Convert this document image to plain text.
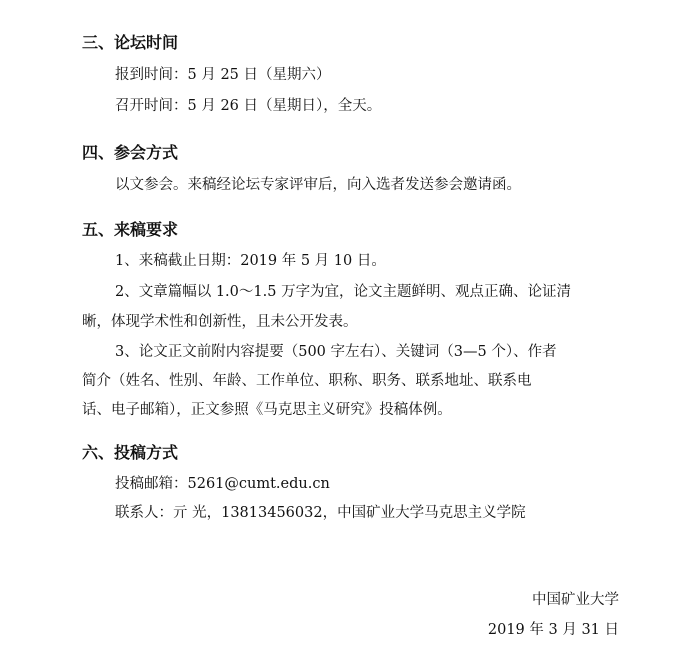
三、论坛时间
报到时间：5 月 25 日（星期六）
召开时间：5 月 26 日（星期日），全天。
四、参会方式
以文参会。来稿经论坛专家评审后，向入选者发送参会邀请函。
五、来稿要求
1、来稿截止日期：2019 年 5 月 10 日。
2、文章篇幅以 1.0～1.5 万字为宜，论文主题鲜明、观点正确、论证清
晰，体现学术性和创新性，且未公开发表。
3、论文正文前附内容提要（500 字左右）、关键词（3—5 个）、作者
简介（姓名、性别、年龄、工作单位、职称、职务、联系地址、联系电
话、电子邮箱），正文参照《马克思主义研究》投稿体例。
六、投稿方式
投稿邮箱：5261@cumt.edu.cn
联系人：亓 光，13813456032，中国矿业大学马克思主义学院
中国矿业大学
2019 年 3 月 31 日
